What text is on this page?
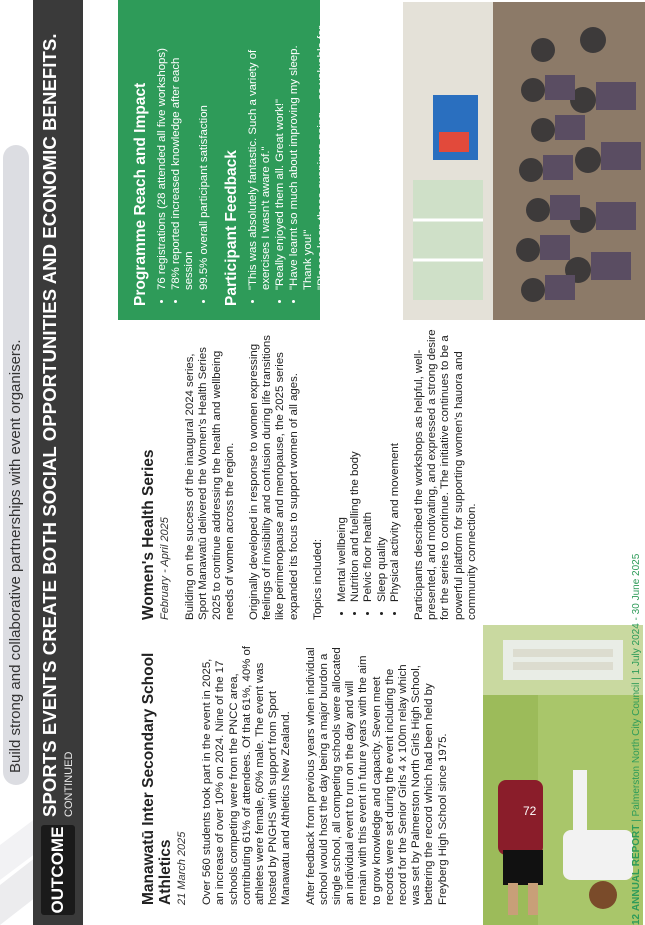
Build strong and collaborative partnerships with event organisers.
OUTCOME 2
SPORTS EVENTS CREATE BOTH SOCIAL OPPORTUNITIES AND ECONOMIC BENEFITS. CONTINUED	72
Manawatū Inter Secondary School Athletics 21 March 2025 Over 560 students took part in the event in 2025, an increase of over 10% on 2024. Nine of the 17 schools competing were from the PNCC area, contributing 61% of attendees. Of that 61%, 40% of athletes were female, 60% male. The event was hosted by PNGHS with support from Sport Manawatu and Athletics New Zealand. After feedback from previous years when individual school would host the day being a major burdon a single school, all competing schools were allocated an individual event to run on the day and will remain with this event in future years with the aim to grow knowledge and capacity. Seven meet records were set during the event including the record for the Senior Girls 4 x 100m relay which was set by Palmerston North Girls High School, bettering the record which had been held by Freyberg High School since 1975.

Programme Reach and Impact • 76 registrations (28 attended all five workshops) • 78% reported increased knowledge after each session • 99.5% overall participant satisfaction Participant Feedback • "This was absolutely fantastic. Such a variety of exercises I wasn't aware of." • "Really enjoyed them all. Great work!" • "Have learnt so much about improving my sleep. Thank you!" • "Please keep these evenings going – so valuable for women's health."
12 ANNUAL REPORT | Palmerston North City Council | 1 July 2024 - 30 June 2025
Women's Health Series February - April 2025 Building on the success of the inaugural 2024 series, Sport Manawatū delivered the Women's Health Series 2025 to continue addressing the health and wellbeing needs of women across the region. Originally developed in response to women expressing feelings of invisibility and confusion during life transitions like perimenopause and menopause, the 2025 series expanded its focus to support women of all ages. Topics included: • Mental wellbeing • Nutrition and fuelling the body • Pelvic floor health • Sleep quality • Physical activity and movement Participants described the workshops as helpful, well-presented, and motivating, and expressed a strong desire for the series to continue. The initiative continues to be a powerful platform for supporting women's hauora and community connection.
